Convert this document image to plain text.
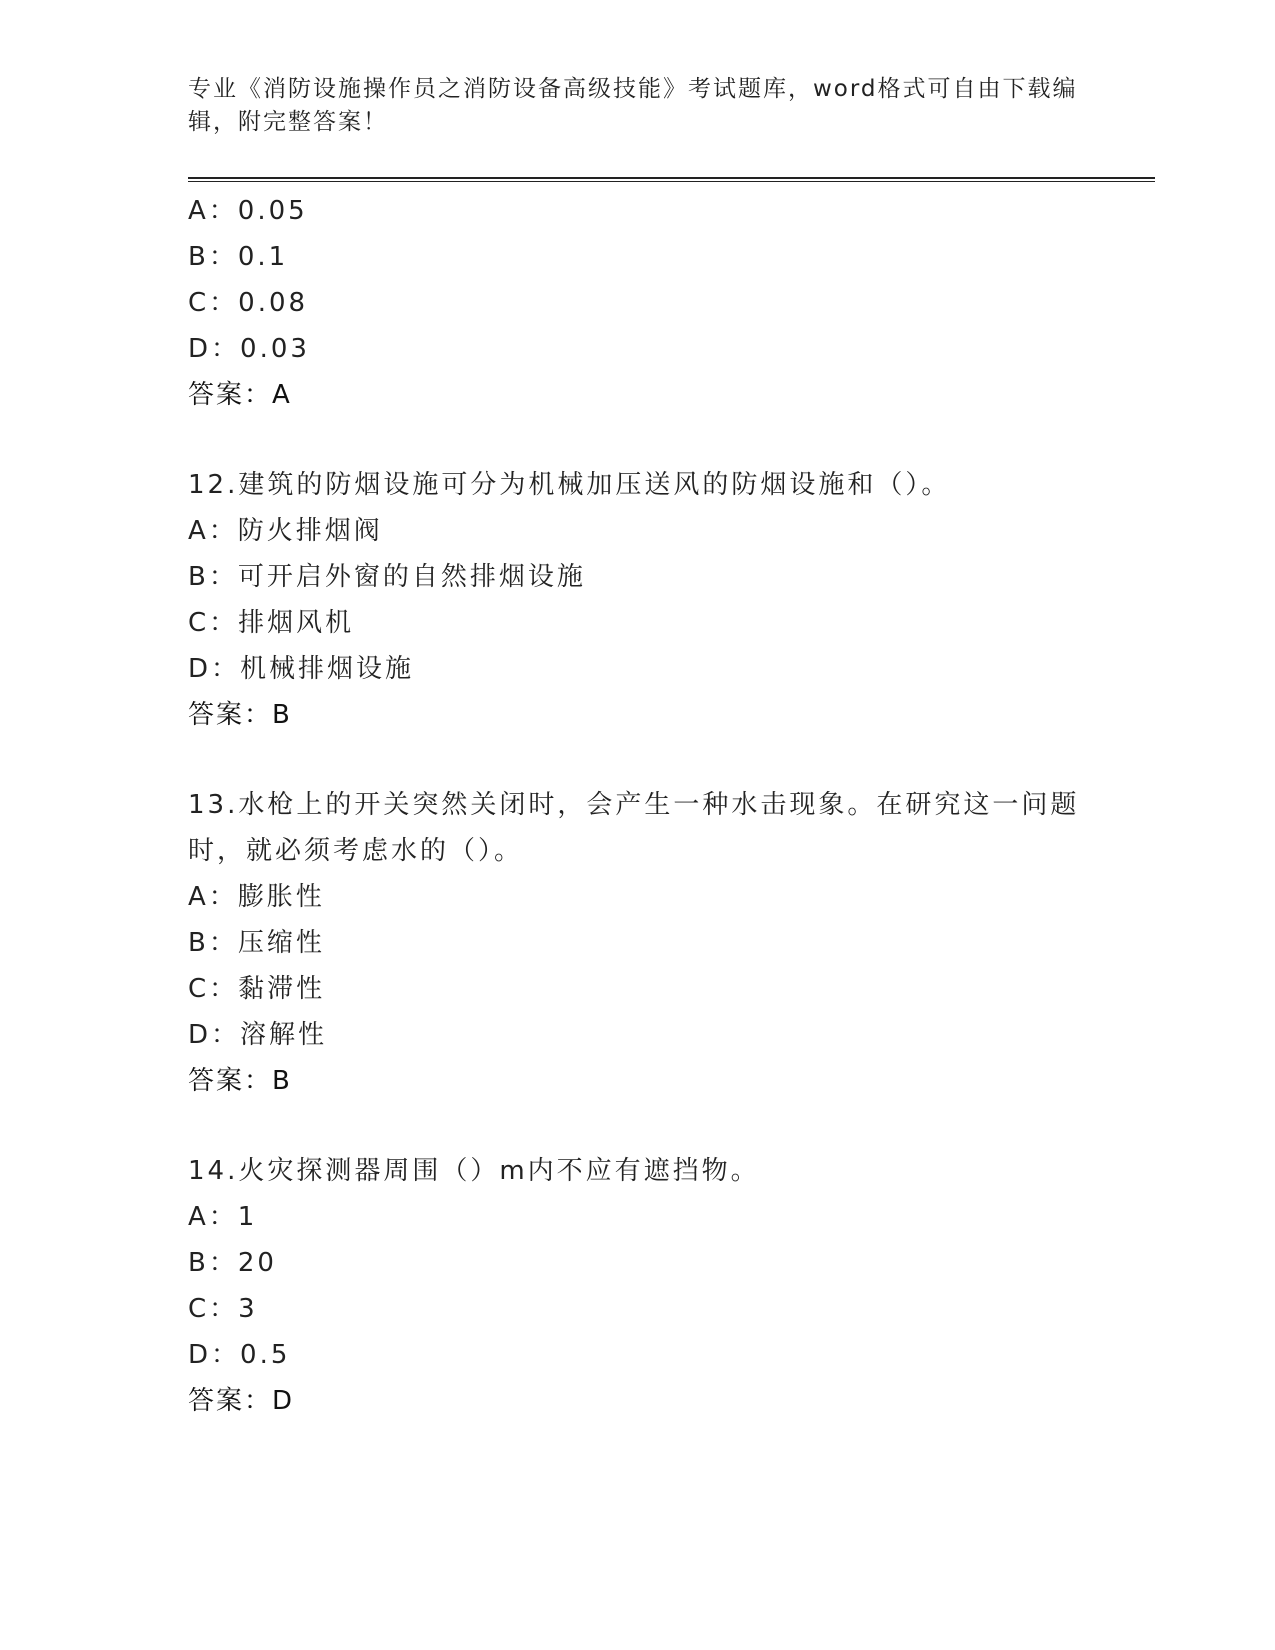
专业《消防设施操作员之消防设备高级技能》考试题库，word格式可自由下载编辑，附完整答案！
A：0.05
B：0.1
C：0.08
D：0.03
答案：A
12.建筑的防烟设施可分为机械加压送风的防烟设施和（）。
A：防火排烟阀
B：可开启外窗的自然排烟设施
C：排烟风机
D：机械排烟设施
答案：B
13.水枪上的开关突然关闭时，会产生一种水击现象。在研究这一问题
时，就必须考虑水的（）。
A：膨胀性
B：压缩性
C：黏滞性
D：溶解性
答案：B
14.火灾探测器周围（）m内不应有遮挡物。
A：1
B：20
C：3
D：0.5
答案：D
